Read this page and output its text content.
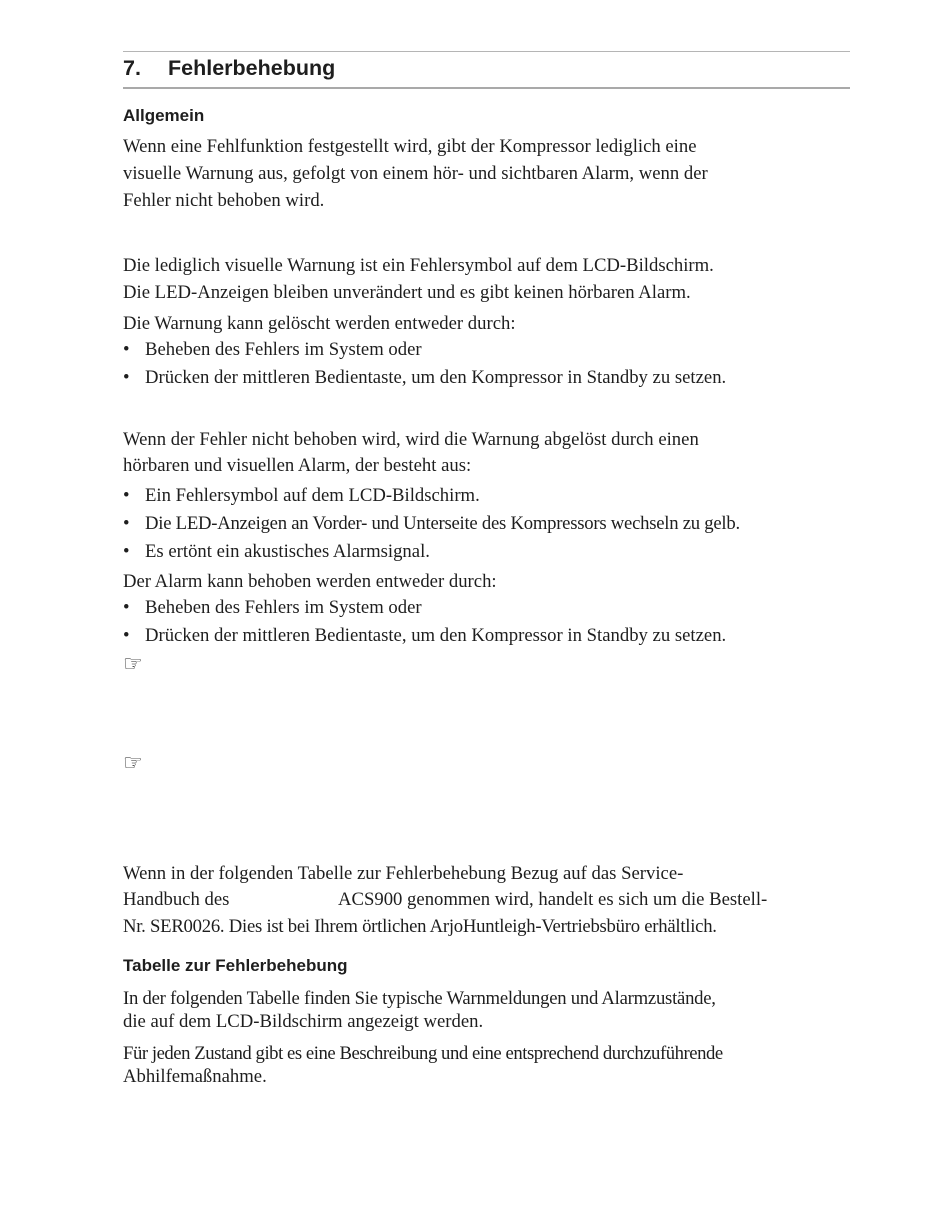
7. Fehlerbehebung
Allgemein
Wenn eine Fehlfunktion festgestellt wird, gibt der Kompressor lediglich eine
visuelle Warnung aus, gefolgt von einem hör- und sichtbaren Alarm, wenn der
Fehler nicht behoben wird.
Die lediglich visuelle Warnung ist ein Fehlersymbol auf dem LCD-Bildschirm.
Die LED-Anzeigen bleiben unverändert und es gibt keinen hörbaren Alarm.
Die Warnung kann gelöscht werden entweder durch:
• Beheben des Fehlers im System oder
• Drücken der mittleren Bedientaste, um den Kompressor in Standby zu setzen.
Wenn der Fehler nicht behoben wird, wird die Warnung abgelöst durch einen
hörbaren und visuellen Alarm, der besteht aus:
• Ein Fehlersymbol auf dem LCD-Bildschirm.
• Die LED-Anzeigen an Vorder- und Unterseite des Kompressors wechseln zu gelb.
• Es ertönt ein akustisches Alarmsignal.
Der Alarm kann behoben werden entweder durch:
• Beheben des Fehlers im System oder
• Drücken der mittleren Bedientaste, um den Kompressor in Standby zu setzen.
☞
☞
Wenn in der folgenden Tabelle zur Fehlerbehebung Bezug auf das Service-
Handbuch des	ACS900 genommen wird, handelt es sich um die Bestell-
Nr. SER0026. Dies ist bei Ihrem örtlichen ArjoHuntleigh-Vertriebsbüro erhältlich.
Tabelle zur Fehlerbehebung
In der folgenden Tabelle finden Sie typische Warnmeldungen und Alarmzustände,
die auf dem LCD-Bildschirm angezeigt werden.
Für jeden Zustand gibt es eine Beschreibung und eine entsprechend durchzuführende
Abhilfemaßnahme.
